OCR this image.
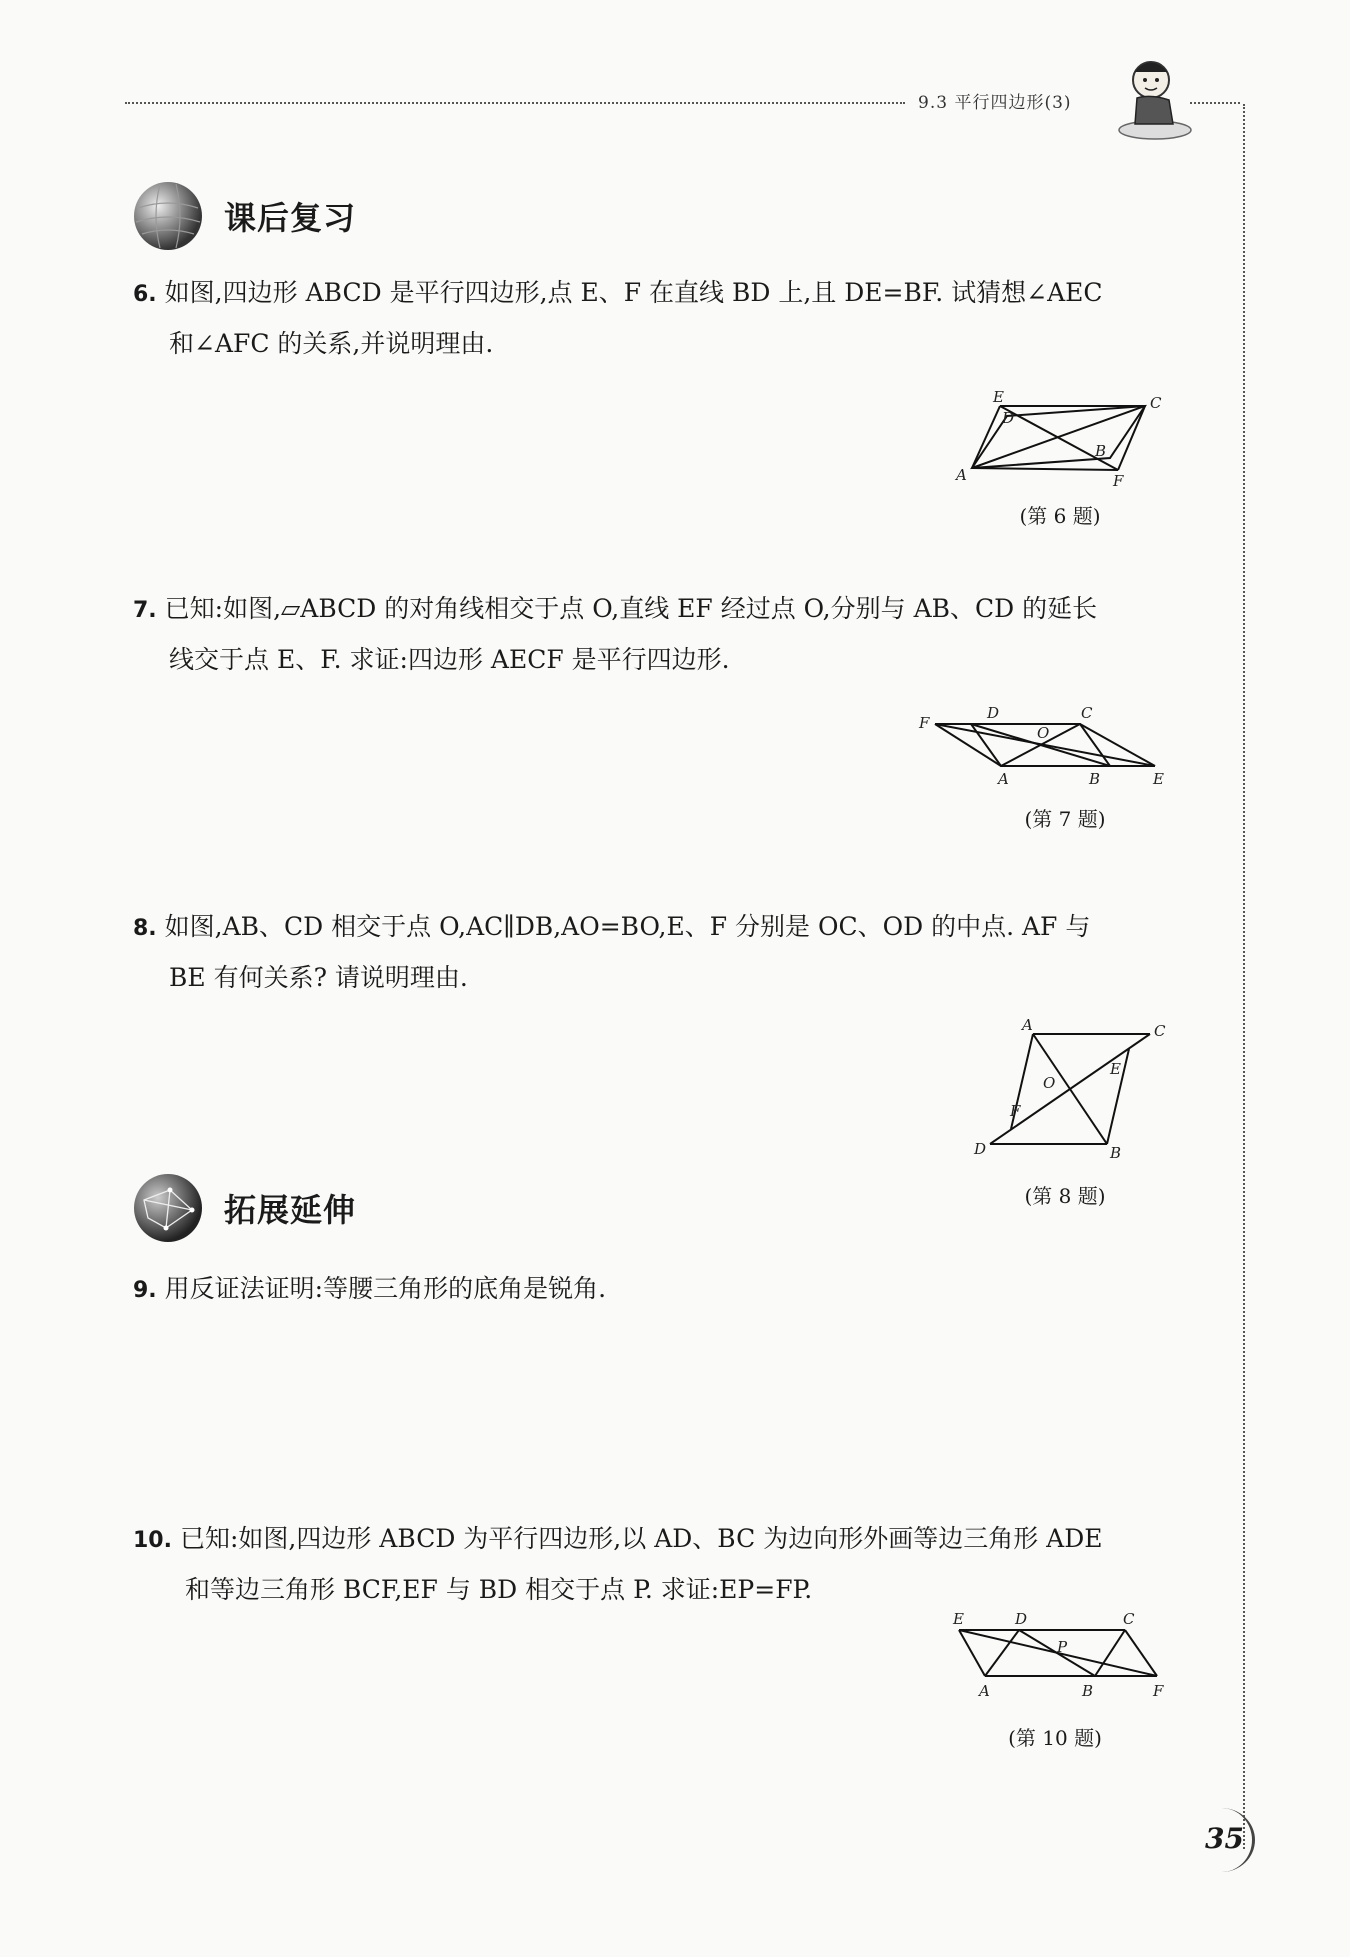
9.3 平行四边形(3)
课后复习
6. 如图,四边形 ABCD 是平行四边形,点 E、F 在直线 BD 上,且 DE=BF. 试猜想∠AEC
和∠AFC 的关系,并说明理由.
E
D
C
B
A	F
(第 6 题)
7. 已知:如图,▱ABCD 的对角线相交于点 O,直线 EF 经过点 O,分别与 AB、CD 的延长
线交于点 E、F. 求证:四边形 AECF 是平行四边形.
F
D	C
O
A	B	E
(第 7 题)
8. 如图,AB、CD 相交于点 O,AC∥DB,AO=BO,E、F 分别是 OC、OD 的中点. AF 与
BE 有何关系? 请说明理由.
A	C
E
O
F
D	B
(第 8 题)
拓展延伸
9. 用反证法证明:等腰三角形的底角是锐角.
10. 已知:如图,四边形 ABCD 为平行四边形,以 AD、BC 为边向形外画等边三角形 ADE
和等边三角形 BCF,EF 与 BD 相交于点 P. 求证:EP=FP.
E	D	C
P
A	B	F
(第 10 题)
35
